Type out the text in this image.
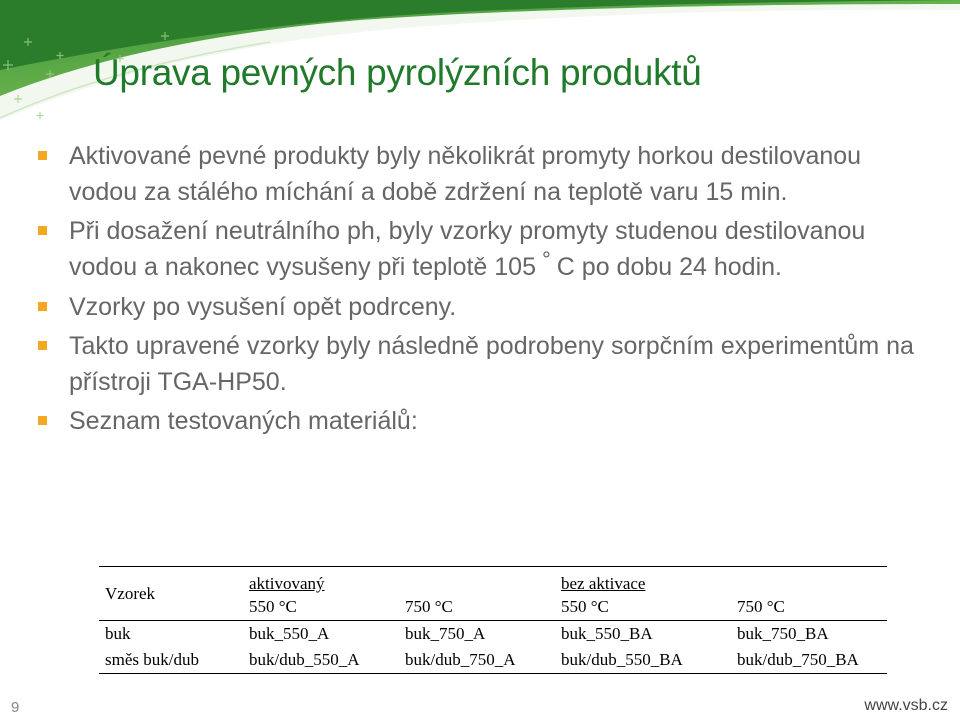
Úprava pevných pyrolýzních produktů
Aktivované pevné produkty byly několikrát promyty horkou destilovanou vodou za stálého míchání a době zdržení na teplotě varu 15 min.
Při dosažení neutrálního ph, byly vzorky promyty studenou destilovanou vodou a nakonec vysušeny při teplotě 105 ° C po dobu 24 hodin.
Vzorky po vysušení opět podrceny.
Takto upravené vzorky byly následně podrobeny sorpčním experimentům na přístroji TGA-HP50.
Seznam testovaných materiálů:
Vzorek	aktivovaný		bez aktivace	
	550 °C	750 °C	550 °C	750 °C
buk	buk_550_A	buk_750_A	buk_550_BA	buk_750_BA
směs buk/dub	buk/dub_550_A	buk/dub_750_A	buk/dub_550_BA	buk/dub_750_BA
9	www.vsb.cz
